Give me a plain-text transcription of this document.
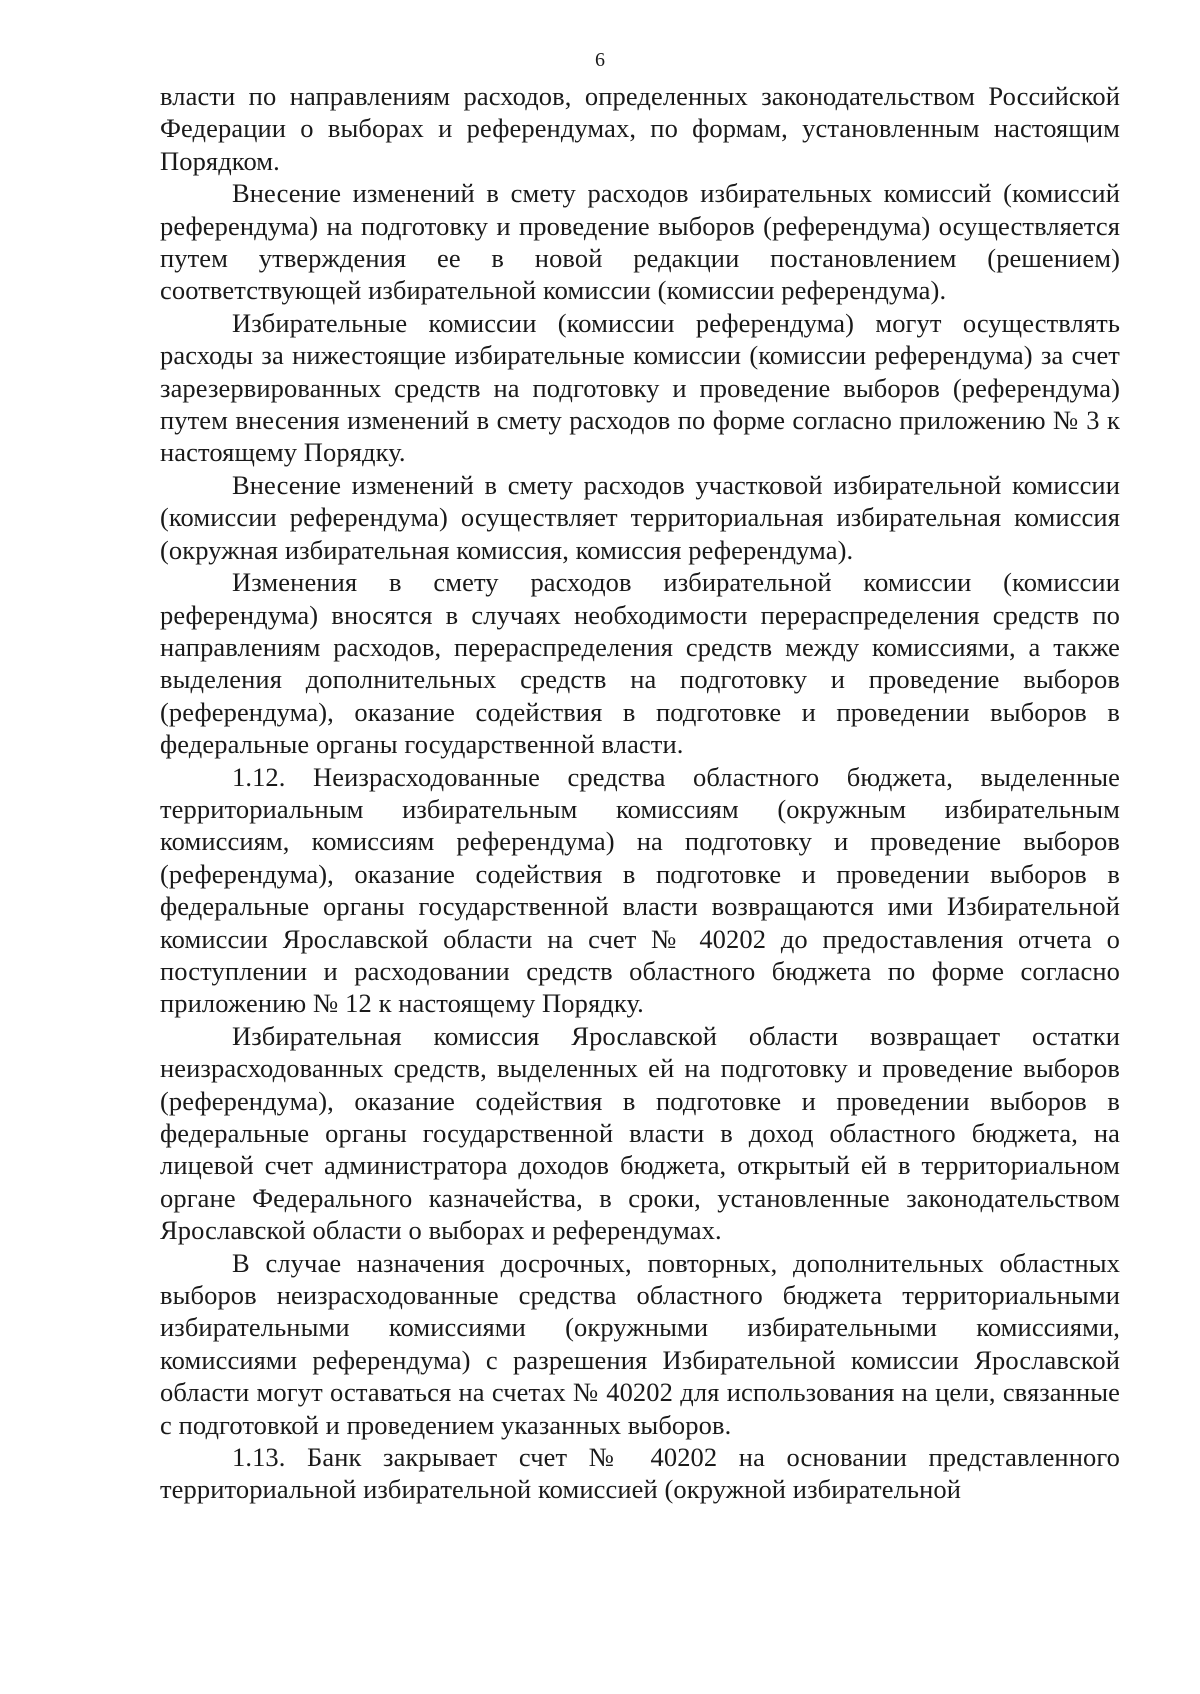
6

власти по направлениям расходов, определенных законодательством Российской Федерации о выборах и референдумах, по формам, установленным настоящим Порядком.

Внесение изменений в смету расходов избирательных комиссий (комиссий референдума) на подготовку и проведение выборов (референдума) осуществляется путем утверждения ее в новой редакции постановлением (решением) соответствующей избирательной комиссии (комиссии референдума).

Избирательные комиссии (комиссии референдума) могут осуществлять расходы за нижестоящие избирательные комиссии (комиссии референдума) за счет зарезервированных средств на подготовку и проведение выборов (референдума) путем внесения изменений в смету расходов по форме согласно приложению № 3 к настоящему Порядку.

Внесение изменений в смету расходов участковой избирательной комиссии (комиссии референдума) осуществляет территориальная избирательная комиссия (окружная избирательная комиссия, комиссия референдума).

Изменения в смету расходов избирательной комиссии (комиссии референдума) вносятся в случаях необходимости перераспределения средств по направлениям расходов, перераспределения средств между комиссиями, а также выделения дополнительных средств на подготовку и проведение выборов (референдума), оказание содействия в подготовке и проведении выборов в федеральные органы государственной власти.

1.12. Неизрасходованные средства областного бюджета, выделенные территориальным избирательным комиссиям (окружным избирательным комиссиям, комиссиям референдума) на подготовку и проведение выборов (референдума), оказание содействия в подготовке и проведении выборов в федеральные органы государственной власти возвращаются ими Избирательной комиссии Ярославской области на счет № 40202 до предоставления отчета о поступлении и расходовании средств областного бюджета по форме согласно приложению № 12 к настоящему Порядку.

Избирательная комиссия Ярославской области возвращает остатки неизрасходованных средств, выделенных ей на подготовку и проведение выборов (референдума), оказание содействия в подготовке и проведении выборов в федеральные органы государственной власти в доход областного бюджета, на лицевой счет администратора доходов бюджета, открытый ей в территориальном органе Федерального казначейства, в сроки, установленные законодательством Ярославской области о выборах и референдумах.

В случае назначения досрочных, повторных, дополнительных областных выборов неизрасходованные средства областного бюджета территориальными избирательными комиссиями (окружными избирательными комиссиями, комиссиями референдума) с разрешения Избирательной комиссии Ярославской области могут оставаться на счетах № 40202 для использования на цели, связанные с подготовкой и проведением указанных выборов.

1.13. Банк закрывает счет № 40202 на основании представленного территориальной избирательной комиссией (окружной избирательной
